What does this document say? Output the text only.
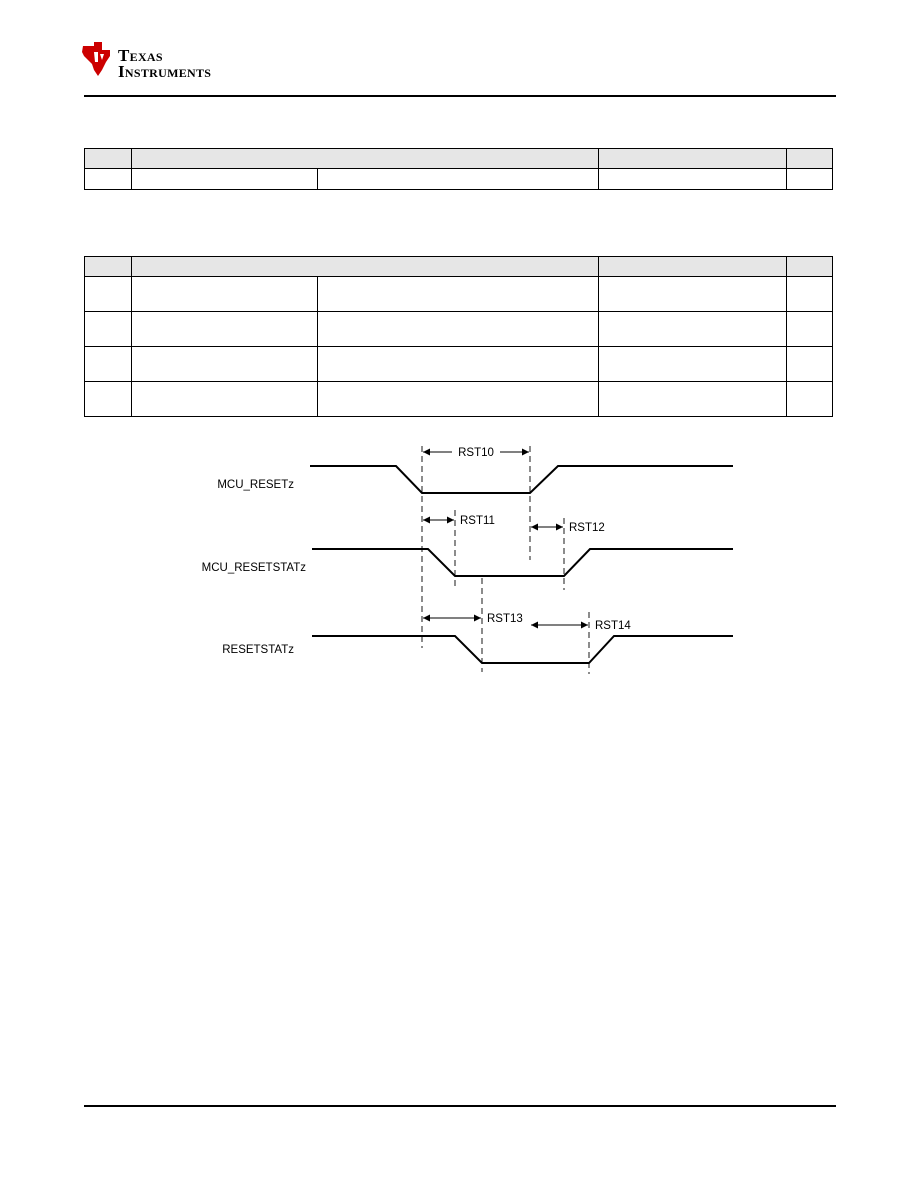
Texas
Instruments

MCU_RESETz
MCU_RESETSTATz
RESETSTATz
RST10
RST11
RST12
RST13
RST14
